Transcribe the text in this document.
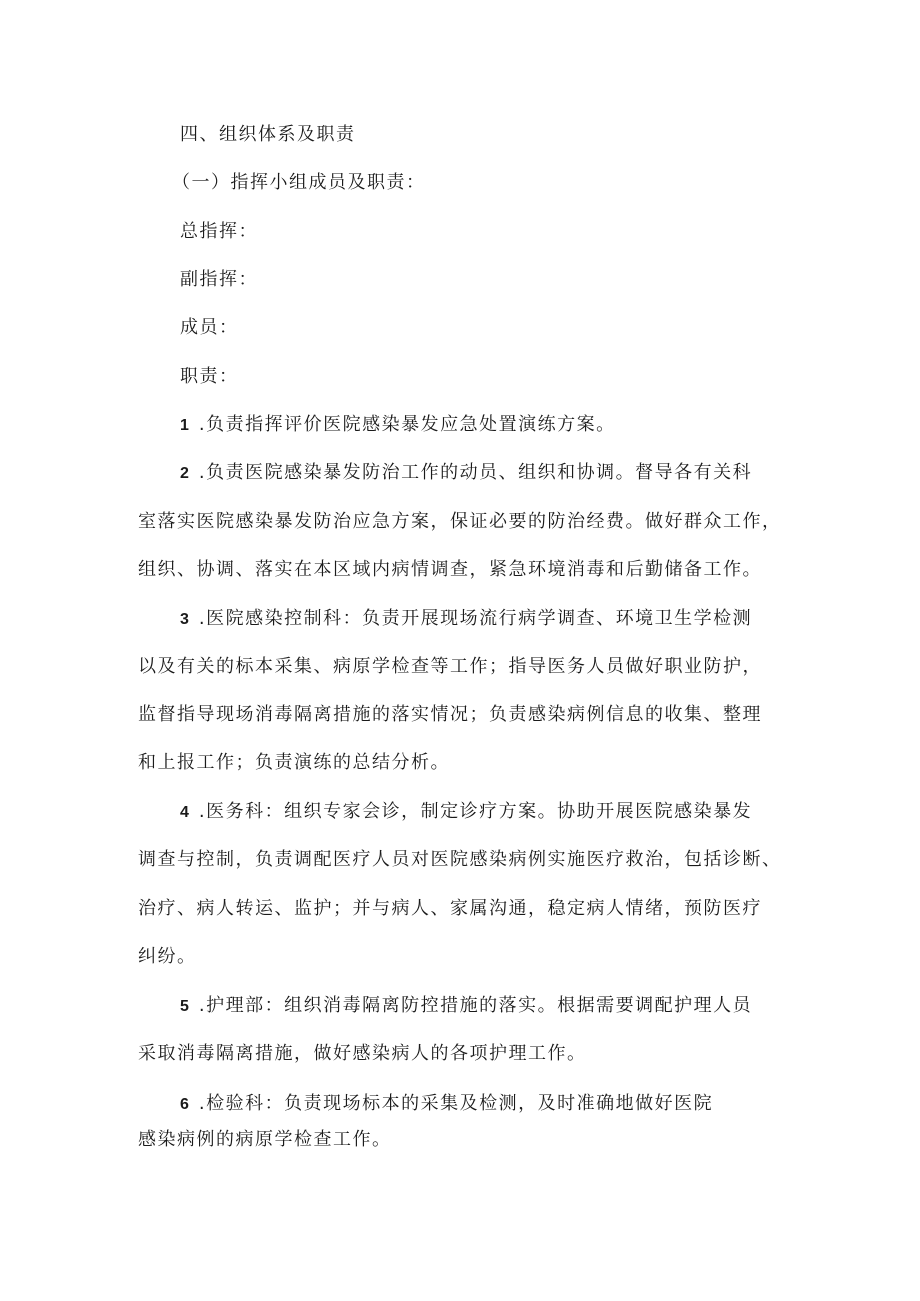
四、组织体系及职责
（一）指挥小组成员及职责：
总指挥：
副指挥：
成员：
职责：
1 .负责指挥评价医院感染暴发应急处置演练方案。
2 .负责医院感染暴发防治工作的动员、组织和协调。督导各有关科
室落实医院感染暴发防治应急方案，保证必要的防治经费。做好群众工作，
组织、协调、落实在本区域内病情调查，紧急环境消毒和后勤储备工作。
3 .医院感染控制科：负责开展现场流行病学调查、环境卫生学检测
以及有关的标本采集、病原学检查等工作；指导医务人员做好职业防护，
监督指导现场消毒隔离措施的落实情况；负责感染病例信息的收集、整理
和上报工作；负责演练的总结分析。
4 .医务科：组织专家会诊，制定诊疗方案。协助开展医院感染暴发
调查与控制，负责调配医疗人员对医院感染病例实施医疗救治，包括诊断、
治疗、病人转运、监护；并与病人、家属沟通，稳定病人情绪，预防医疗
纠纷。
5 .护理部：组织消毒隔离防控措施的落实。根据需要调配护理人员
采取消毒隔离措施，做好感染病人的各项护理工作。
6 .检验科：负责现场标本的采集及检测，及时准确地做好医院
感染病例的病原学检查工作。
